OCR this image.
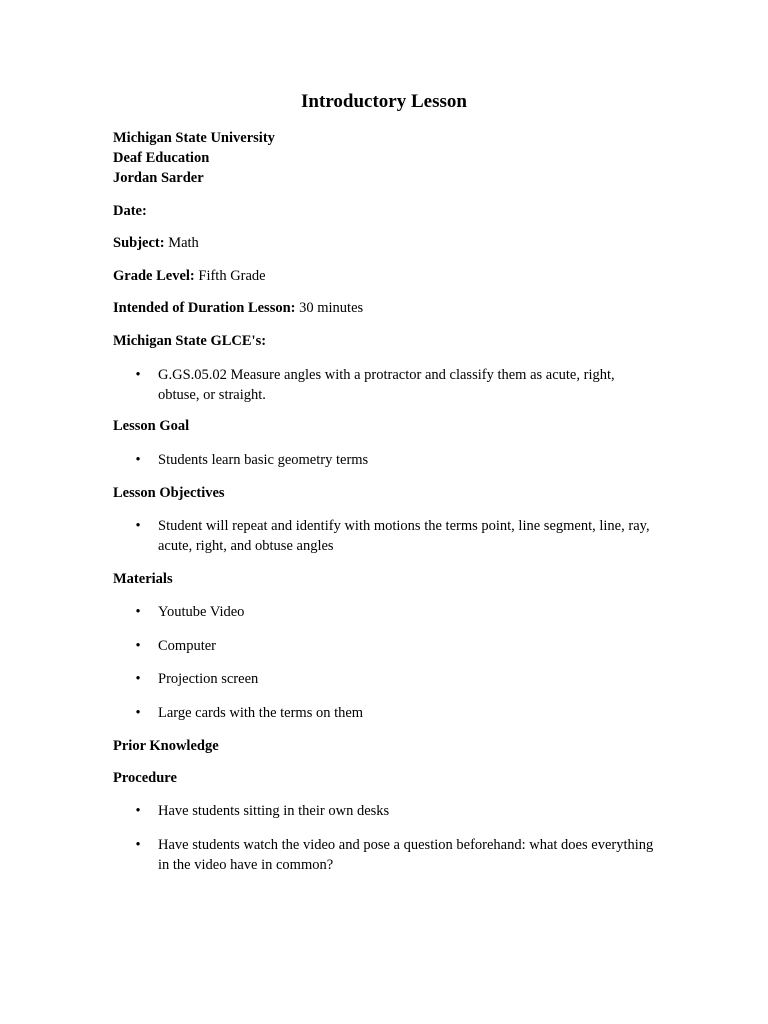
Introductory Lesson
Michigan State University
Deaf Education
Jordan Sarder
Date:
Subject: Math
Grade Level: Fifth Grade
Intended of Duration Lesson: 30 minutes
Michigan State GLCE's:
• G.GS.05.02 Measure angles with a protractor and classify them as acute, right, obtuse, or straight.
Lesson Goal
• Students learn basic geometry terms
Lesson Objectives
• Student will repeat and identify with motions the terms point, line segment, line, ray, acute, right, and obtuse angles
Materials
• Youtube Video
• Computer
• Projection screen
• Large cards with the terms on them
Prior Knowledge
Procedure
• Have students sitting in their own desks
• Have students watch the video and pose a question beforehand: what does everything in the video have in common?
